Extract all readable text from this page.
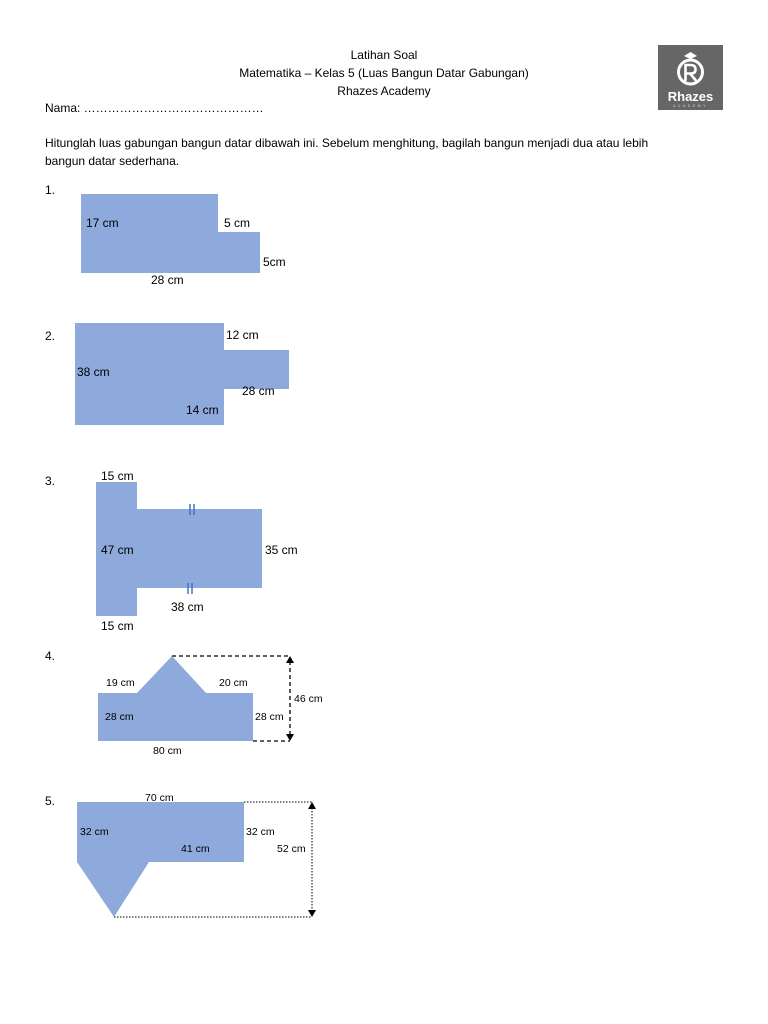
Latihan Soal
Matematika – Kelas 5 (Luas Bangun Datar Gabungan)
Rhazes Academy	Rhazes
ACADEMY
Nama: ………………………………………
Hitunglah luas gabungan bangun datar dibawah ini. Sebelum menghitung, bagilah bangun menjadi dua atau lebih
bangun datar sederhana.
1.
17 cm	5 cm
5cm
28 cm
2.	12 cm
38 cm
28 cm
14 cm
3.	15 cm
47 cm	35 cm
38 cm
15 cm
4.
19 cm	20 cm
46 cm
28 cm	28 cm
80 cm
5.	70 cm
32 cm	32 cm
41 cm	52 cm
